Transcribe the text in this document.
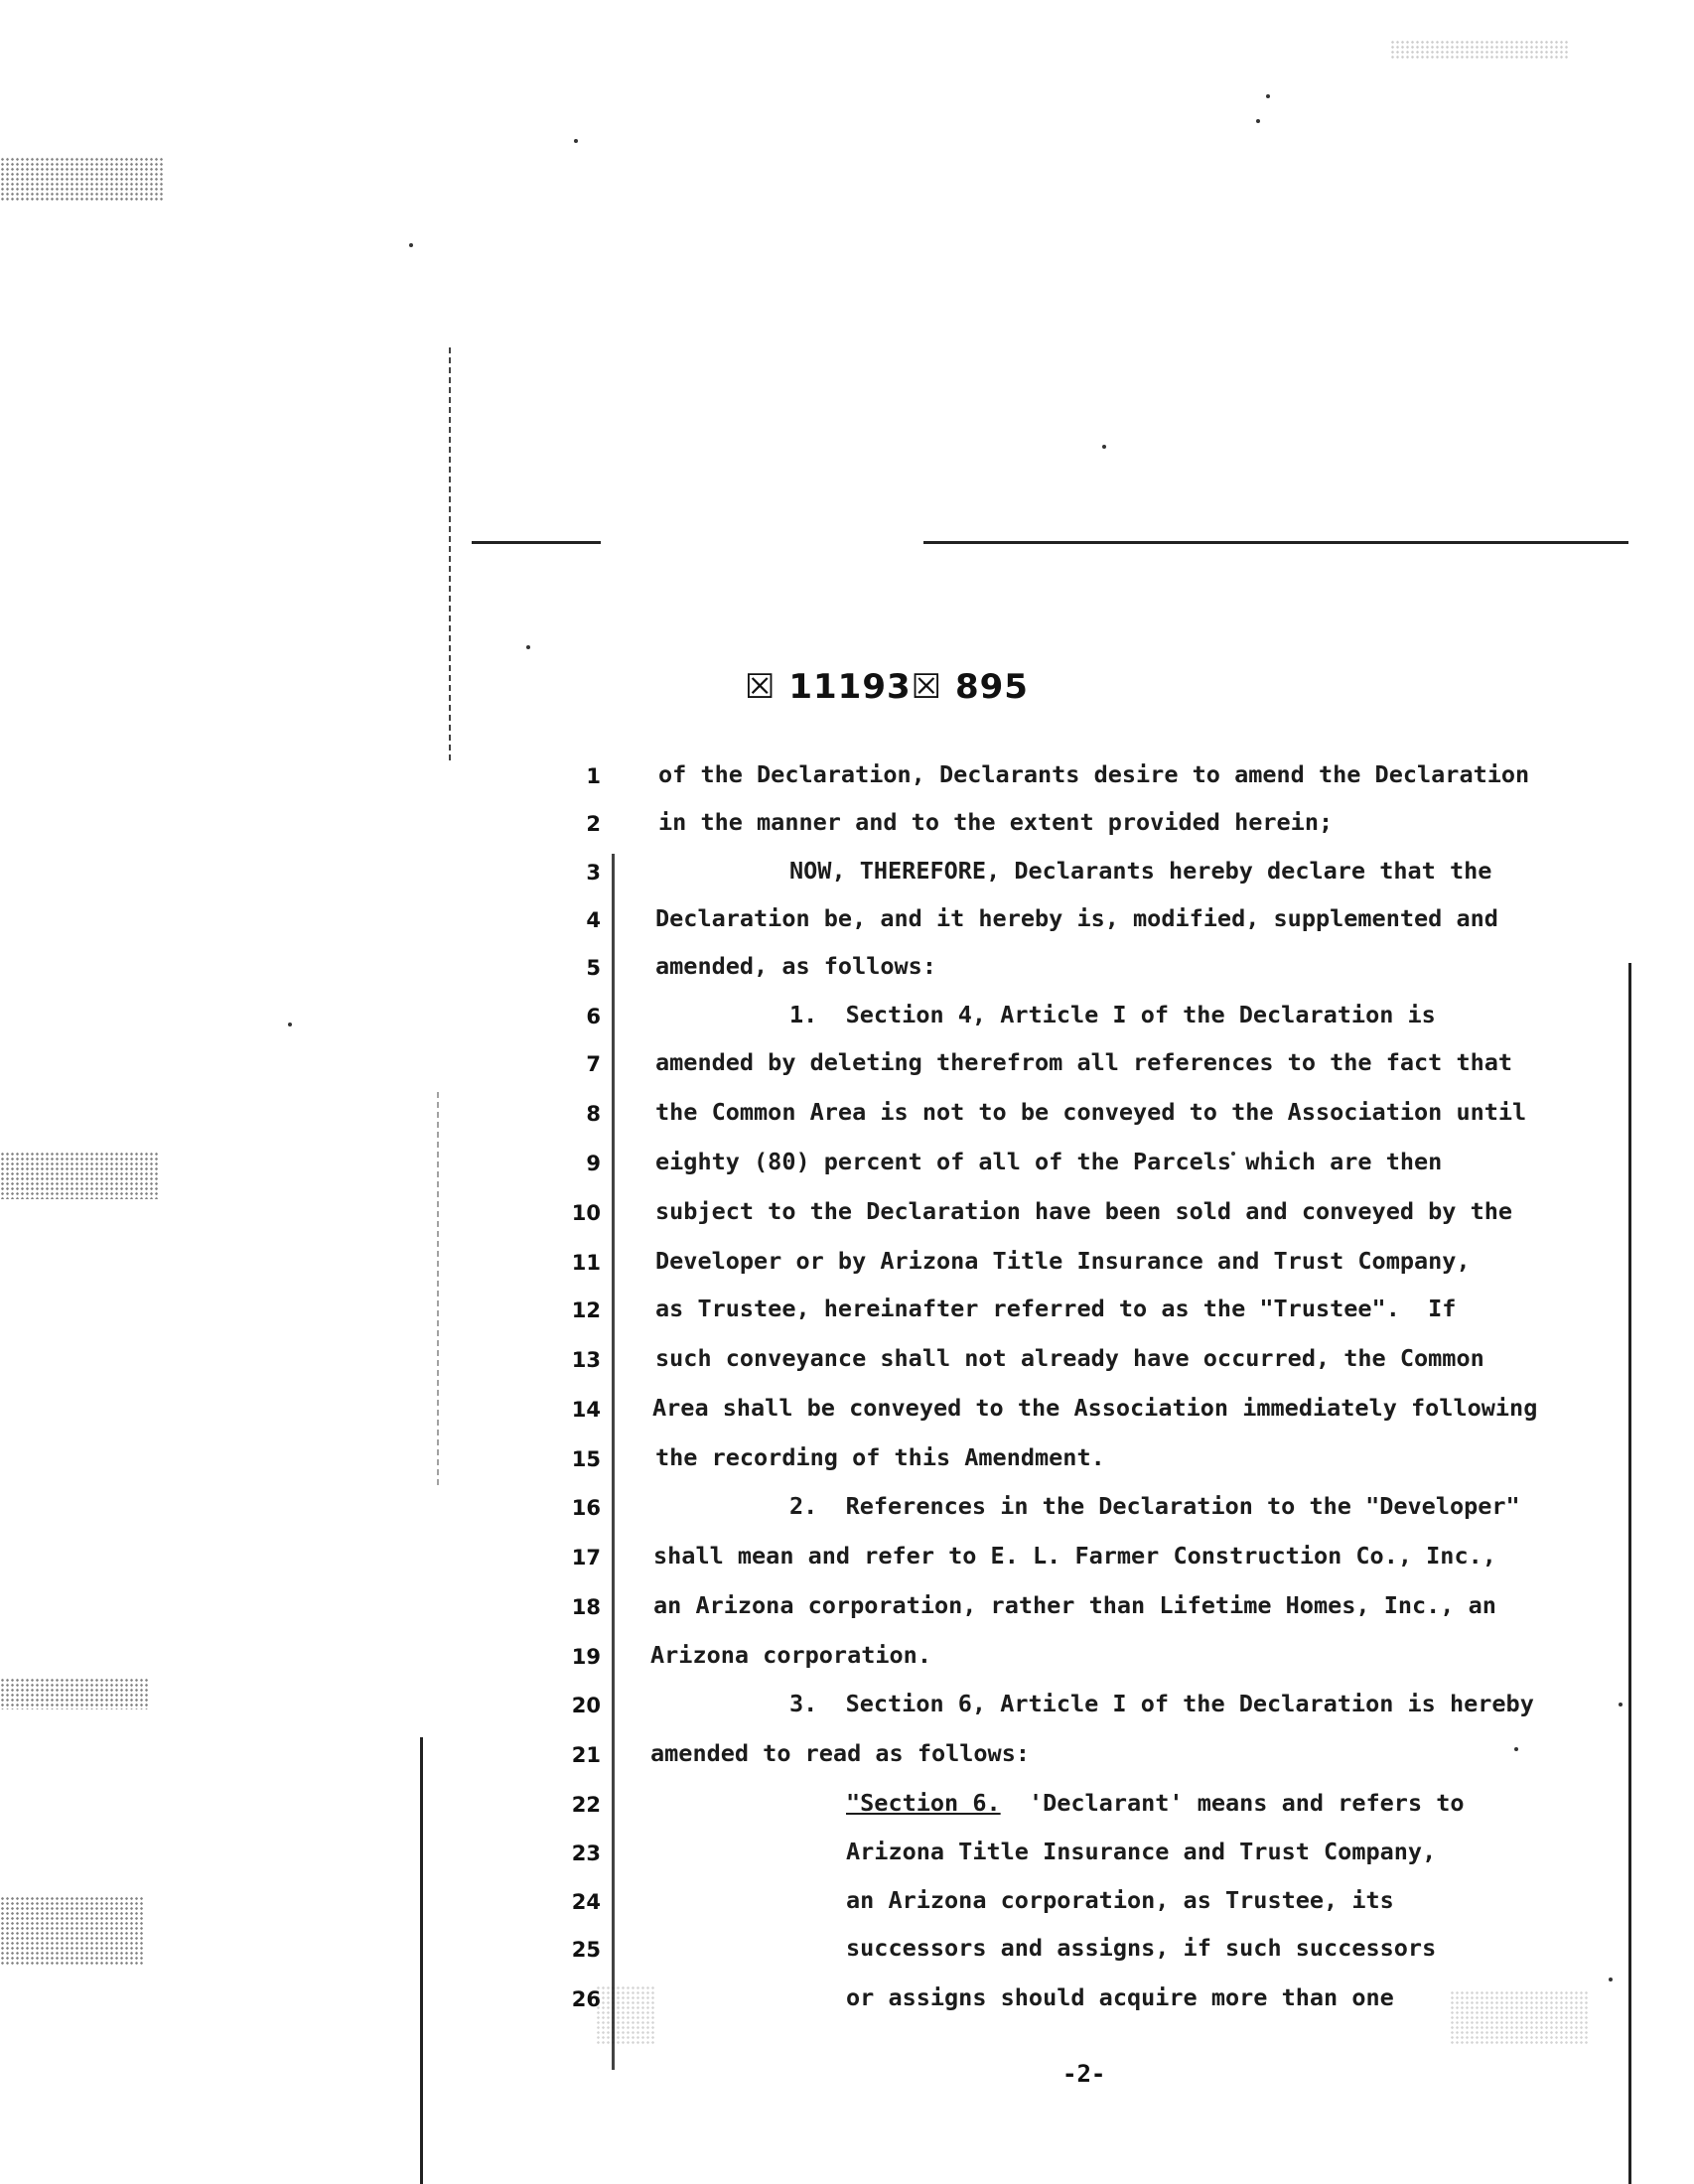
☒ 11193☒ 895
1
2
3
4
5
6
7
8
9
10
11
12
13
14
15
16
17
18
19
20
21
22
23
24
25
26
of the Declaration, Declarants desire to amend the Declaration
in the manner and to the extent provided herein;
NOW, THEREFORE, Declarants hereby declare that the
Declaration be, and it hereby is, modified, supplemented and
amended, as follows:
1.  Section 4, Article I of the Declaration is
amended by deleting therefrom all references to the fact that
the Common Area is not to be conveyed to the Association until
eighty (80) percent of all of the Parcels which are then
subject to the Declaration have been sold and conveyed by the
Developer or by Arizona Title Insurance and Trust Company,
as Trustee, hereinafter referred to as the "Trustee".  If
such conveyance shall not already have occurred, the Common
Area shall be conveyed to the Association immediately following
the recording of this Amendment.
2.  References in the Declaration to the "Developer"
shall mean and refer to E. L. Farmer Construction Co., Inc.,
an Arizona corporation, rather than Lifetime Homes, Inc., an
Arizona corporation.
3.  Section 6, Article I of the Declaration is hereby
amended to read as follows:
"Section 6. 'Declarant' means and refers to
Arizona Title Insurance and Trust Company,
an Arizona corporation, as Trustee, its
successors and assigns, if such successors
or assigns should acquire more than one
-2-
